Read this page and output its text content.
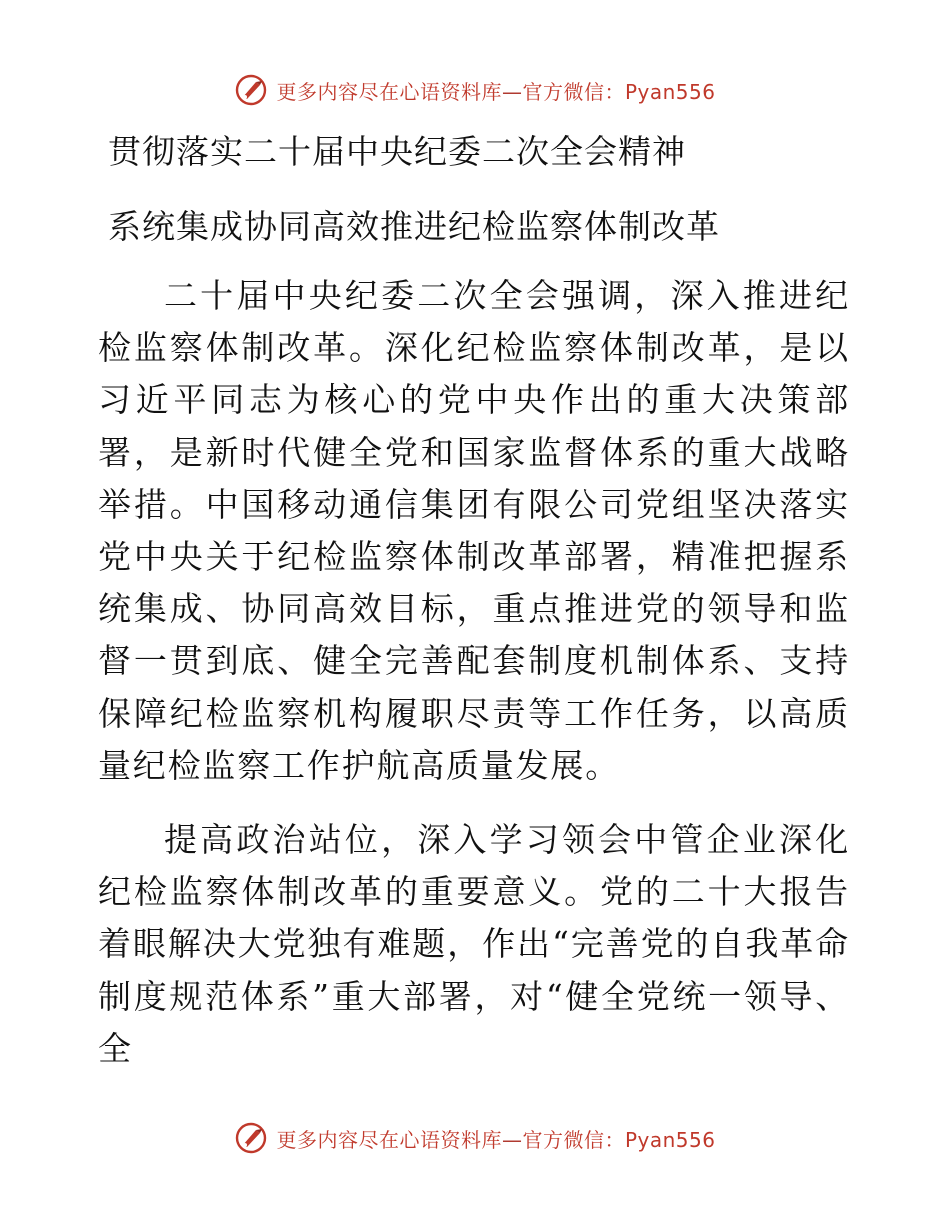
更多内容尽在心语资料库—官方微信：Pyan556
贯彻落实二十届中央纪委二次全会精神
系统集成协同高效推进纪检监察体制改革

二十届中央纪委二次全会强调，深入推进纪检监察体制改革。深化纪检监察体制改革，是以习近平同志为核心的党中央作出的重大决策部署，是新时代健全党和国家监督体系的重大战略举措。中国移动通信集团有限公司党组坚决落实党中央关于纪检监察体制改革部署，精准把握系统集成、协同高效目标，重点推进党的领导和监督一贯到底、健全完善配套制度机制体系、支持保障纪检监察机构履职尽责等工作任务，以高质量纪检监察工作护航高质量发展。

提高政治站位，深入学习领会中管企业深化纪检监察体制改革的重要意义。党的二十大报告着眼解决大党独有难题，作出“完善党的自我革命制度规范体系”重大部署，对“健全党统一领导、全

更多内容尽在心语资料库—官方微信：Pyan556
